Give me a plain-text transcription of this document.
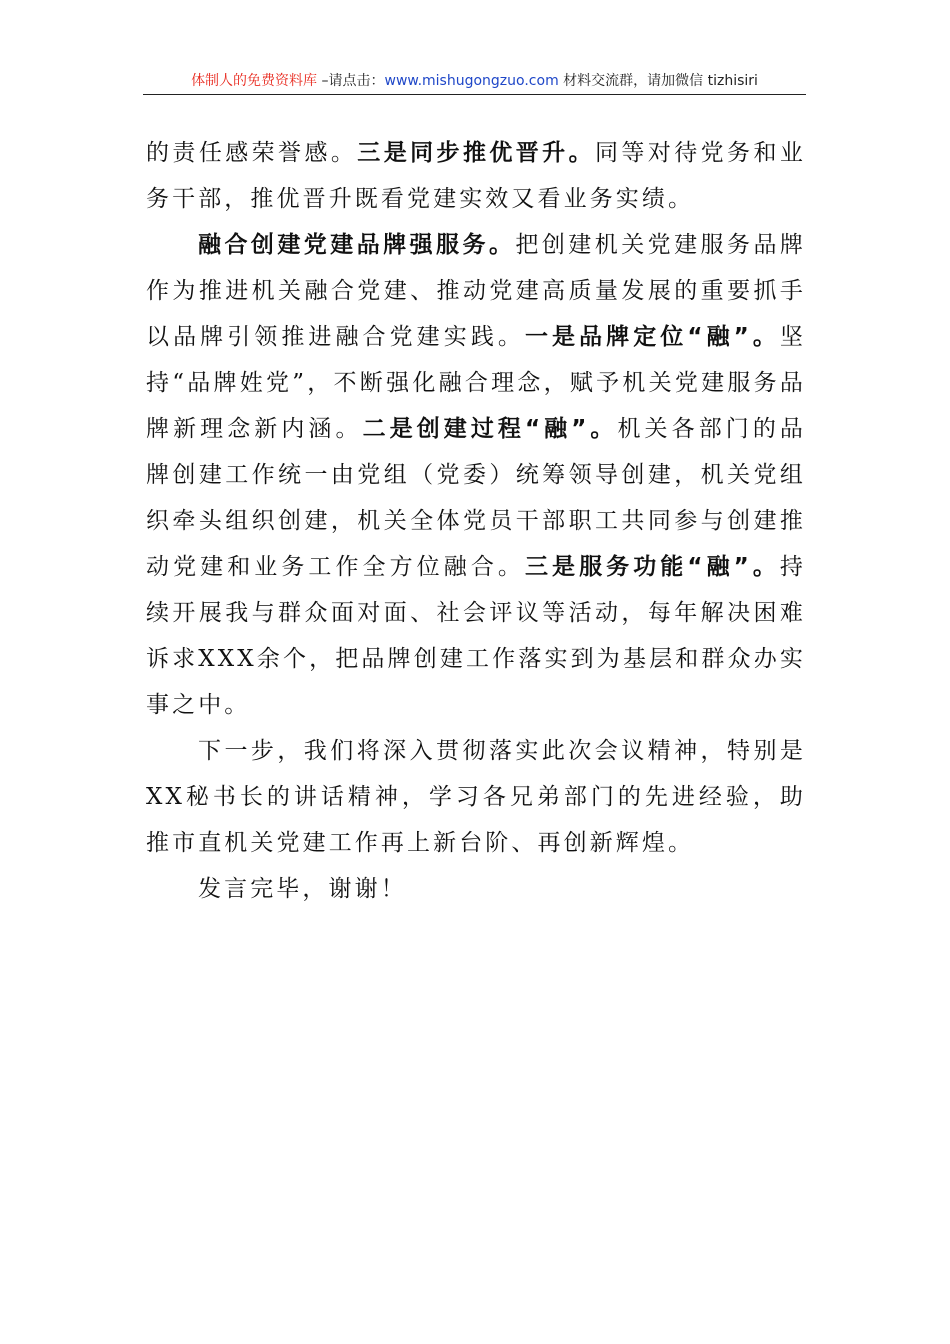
体制人的免费资料库 –请点击：www.mishugongzuo.com 材料交流群，请加微信 tizhisiri

的责任感荣誉感。三是同步推优晋升。同等对待党务和业务干部，推优晋升既看党建实效又看业务实绩。

融合创建党建品牌强服务。把创建机关党建服务品牌作为推进机关融合党建、推动党建高质量发展的重要抓手以品牌引领推进融合党建实践。一是品牌定位“融”。坚持“品牌姓党”，不断强化融合理念，赋予机关党建服务品牌新理念新内涵。二是创建过程“融”。机关各部门的品牌创建工作统一由党组（党委）统筹领导创建，机关党组织牵头组织创建，机关全体党员干部职工共同参与创建推动党建和业务工作全方位融合。三是服务功能“融”。持续开展我与群众面对面、社会评议等活动，每年解决困难诉求XXX余个，把品牌创建工作落实到为基层和群众办实事之中。

下一步，我们将深入贯彻落实此次会议精神，特别是XX秘书长的讲话精神，学习各兄弟部门的先进经验，助推市直机关党建工作再上新台阶、再创新辉煌。

发言完毕，谢谢！
